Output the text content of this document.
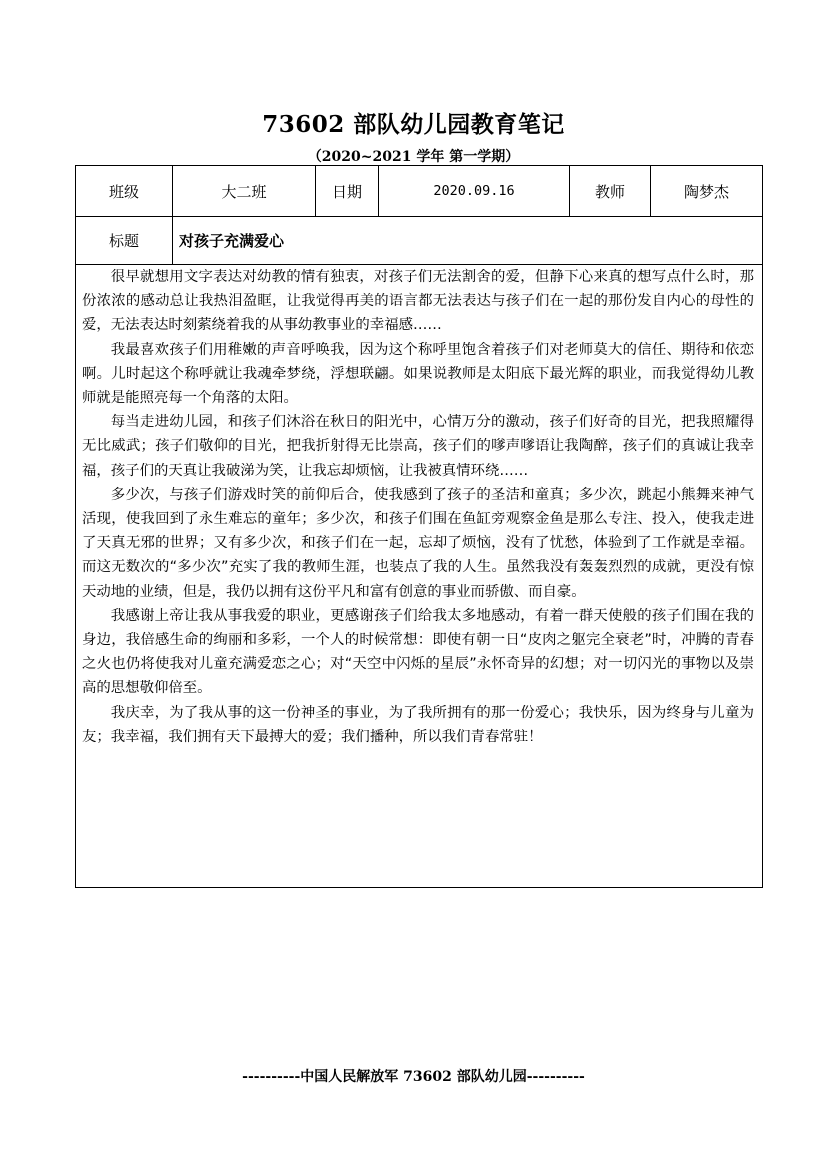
73602 部队幼儿园教育笔记
（2020~2021 学年 第一学期）
班级	大二班	日期	2020.09.16	教师	陶梦杰
标题	对孩子充满爱心

很早就想用文字表达对幼教的情有独衷，对孩子们无法割舍的爱，但静下心来真的想写点什么时，那份浓浓的感动总让我热泪盈眶，让我觉得再美的语言都无法表达与孩子们在一起的那份发自内心的母性的爱，无法表达时刻萦绕着我的从事幼教事业的幸福感……

我最喜欢孩子们用稚嫩的声音呼唤我，因为这个称呼里饱含着孩子们对老师莫大的信任、期待和依恋啊。儿时起这个称呼就让我魂牵梦绕，浮想联翩。如果说教师是太阳底下最光辉的职业，而我觉得幼儿教师就是能照亮每一个角落的太阳。

每当走进幼儿园，和孩子们沐浴在秋日的阳光中，心情万分的激动，孩子们好奇的目光，把我照耀得无比威武；孩子们敬仰的目光，把我折射得无比崇高，孩子们的嗲声嗲语让我陶醉，孩子们的真诚让我幸福，孩子们的天真让我破涕为笑，让我忘却烦恼，让我被真情环绕……

多少次，与孩子们游戏时笑的前仰后合，使我感到了孩子的圣洁和童真；多少次，跳起小熊舞来神气活现，使我回到了永生难忘的童年；多少次，和孩子们围在鱼缸旁观察金鱼是那么专注、投入，使我走进了天真无邪的世界；又有多少次，和孩子们在一起，忘却了烦恼，没有了忧愁，体验到了工作就是幸福。而这无数次的“多少次”充实了我的教师生涯，也装点了我的人生。虽然我没有轰轰烈烈的成就，更没有惊天动地的业绩，但是，我仍以拥有这份平凡和富有创意的事业而骄傲、而自豪。

我感谢上帝让我从事我爱的职业，更感谢孩子们给我太多地感动，有着一群天使般的孩子们围在我的身边，我倍感生命的绚丽和多彩，一个人的时候常想：即使有朝一日“皮肉之躯完全衰老”时，冲腾的青春之火也仍将使我对儿童充满爱恋之心；对“天空中闪烁的星辰”永怀奇异的幻想；对一切闪光的事物以及崇高的思想敬仰倍至。

我庆幸，为了我从事的这一份神圣的事业，为了我所拥有的那一份爱心；我快乐，因为终身与儿童为友；我幸福，我们拥有天下最搏大的爱；我们播种，所以我们青春常驻！

----------中国人民解放军 73602 部队幼儿园----------
